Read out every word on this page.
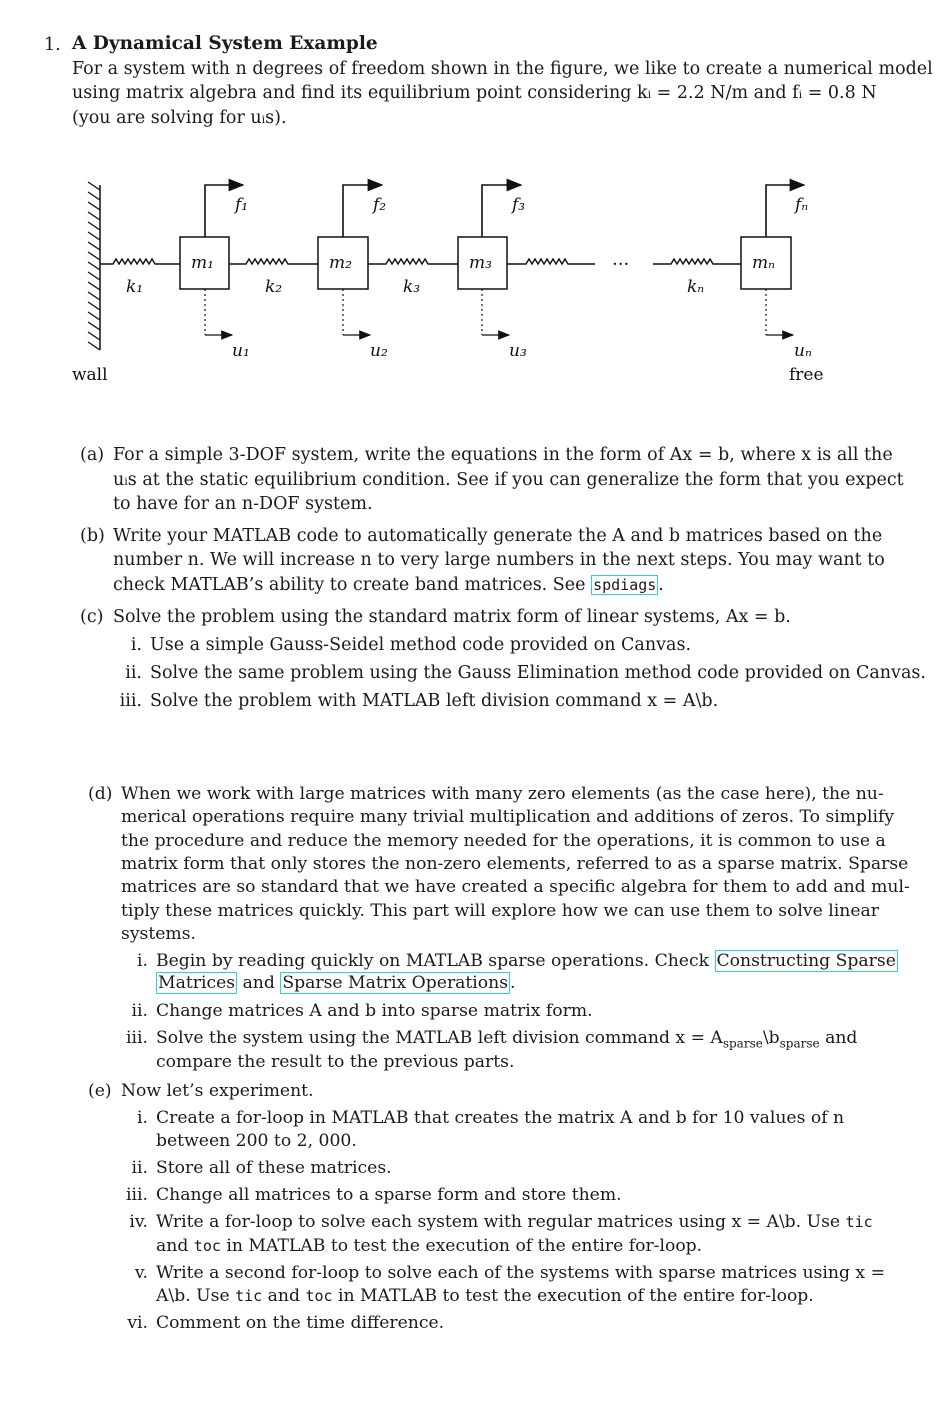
1. A Dynamical System Example
For a system with n degrees of freedom shown in the figure, we like to create a numerical model
using matrix algebra and find its equilibrium point considering kᵢ = 2.2 N/m and fᵢ = 0.8 N
(you are solving for uᵢs).
m₁	m₂	m₃	mₙ
f₁	f₂	f₃	fₙ
k₁	k₂	k₃	kₙ
u₁	u₂	u₃	uₙ
···
wall	free
(a) For a simple 3-DOF system, write the equations in the form of Ax = b, where x is all the
uᵢs at the static equilibrium condition. See if you can generalize the form that you expect
to have for an n-DOF system.
(b) Write your MATLAB code to automatically generate the A and b matrices based on the
number n. We will increase n to very large numbers in the next steps. You may want to
check MATLAB’s ability to create band matrices. See spdiags .
(c) Solve the problem using the standard matrix form of linear systems, Ax = b.
i. Use a simple Gauss-Seidel method code provided on Canvas.
ii. Solve the same problem using the Gauss Elimination method code provided on Canvas.
iii. Solve the problem with MATLAB left division command x = A\b.
(d) When we work with large matrices with many zero elements (as the case here), the nu-
merical operations require many trivial multiplication and additions of zeros. To simplify
the procedure and reduce the memory needed for the operations, it is common to use a
matrix form that only stores the non-zero elements, referred to as a sparse matrix. Sparse
matrices are so standard that we have created a specific algebra for them to add and mul-
tiply these matrices quickly. This part will explore how we can use them to solve linear
systems.
i. Begin by reading quickly on MATLAB sparse operations. Check Constructing Sparse
Matrices and Sparse Matrix Operations .
ii. Change matrices A and b into sparse matrix form.
iii. Solve the system using the MATLAB left division command $x = A_{sparse}\backslash b_{sparse}$ and
compare the result to the previous parts.
(e) Now let’s experiment.
i. Create a for-loop in MATLAB that creates the matrix A and b for 10 values of n
between 200 to 2, 000.
ii. Store all of these matrices.
iii. Change all matrices to a sparse form and store them.
iv. Write a for-loop to solve each system with regular matrices using x = A\b. Use tic
and toc in MATLAB to test the execution of the entire for-loop.
v. Write a second for-loop to solve each of the systems with sparse matrices using x =
A\b. Use tic and toc in MATLAB to test the execution of the entire for-loop.
vi. Comment on the time difference.
